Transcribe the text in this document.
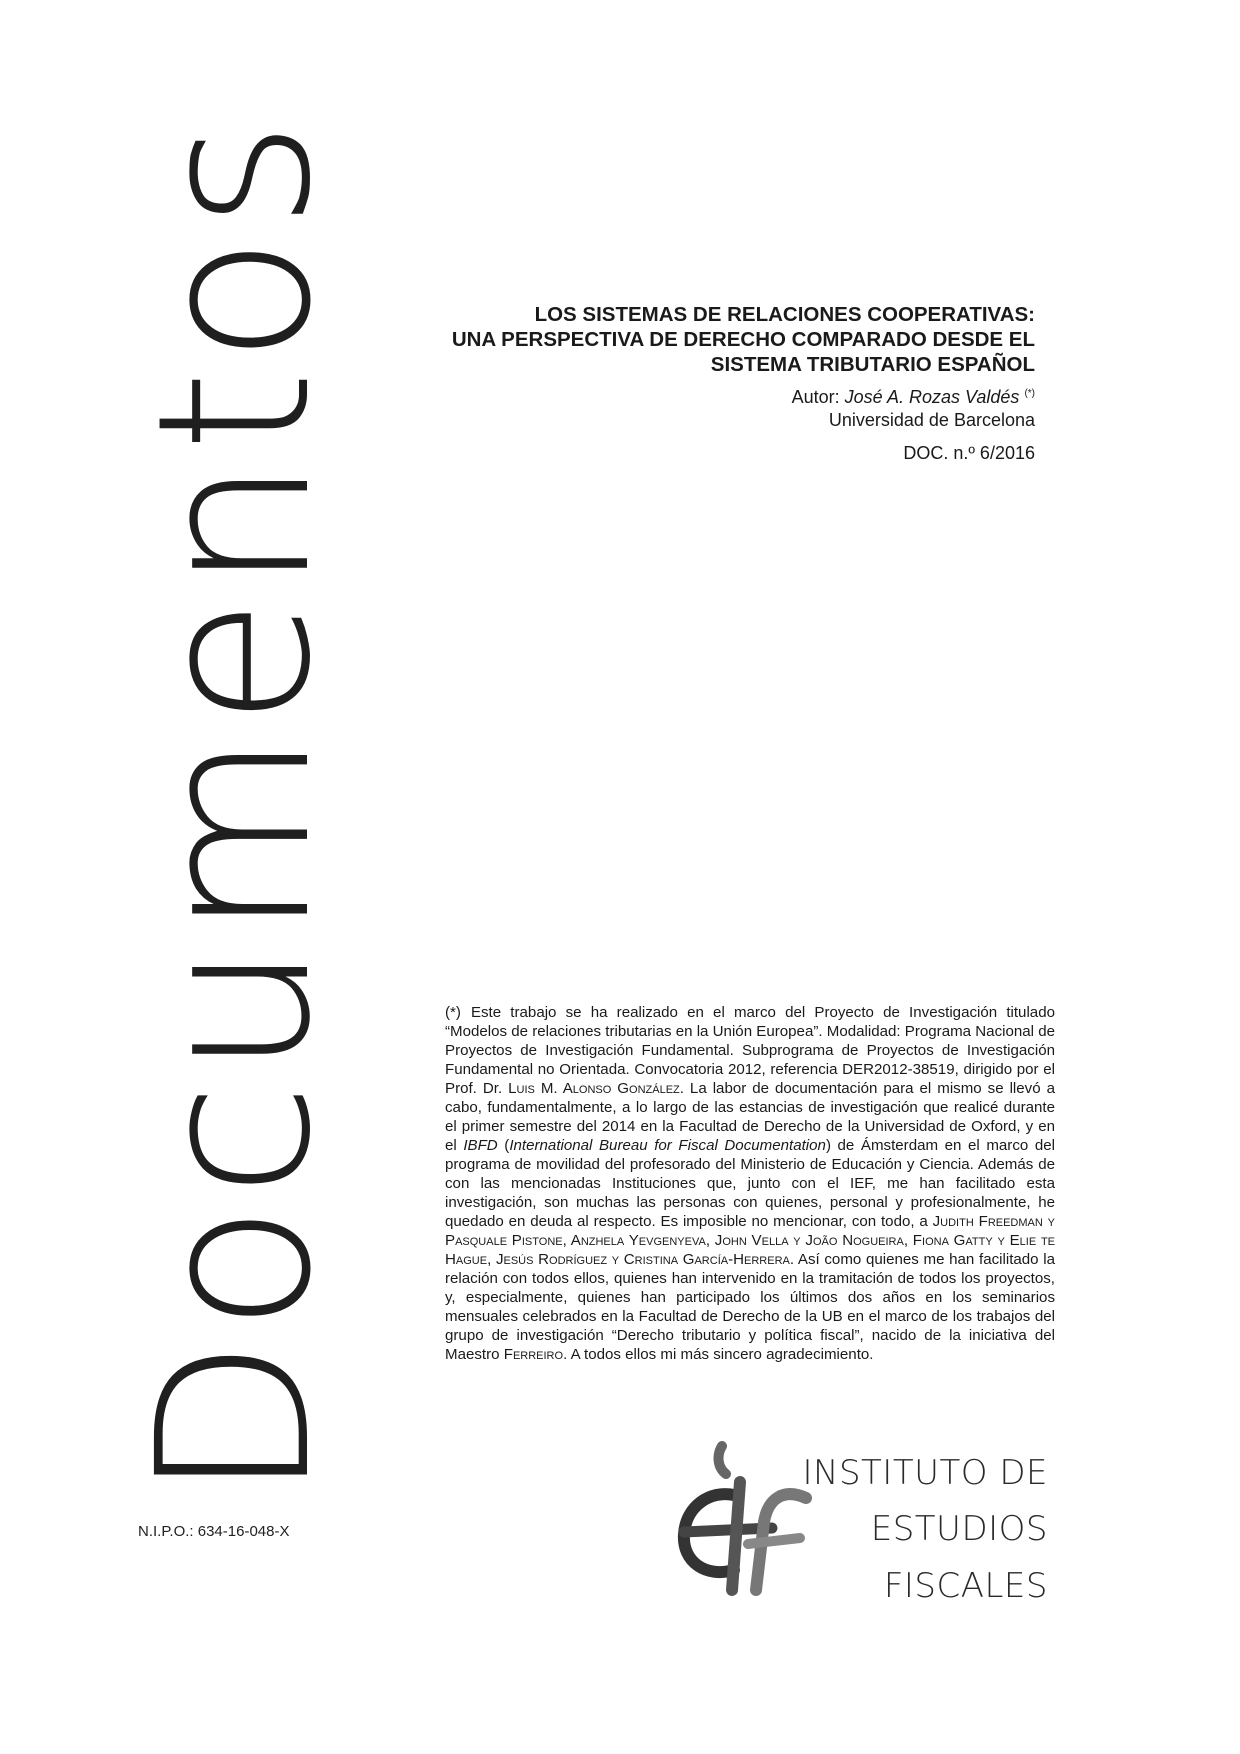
Documentos
N.I.P.O.: 634-16-048-X
LOS SISTEMAS DE RELACIONES COOPERATIVAS:
UNA PERSPECTIVA DE DERECHO COMPARADO DESDE EL
SISTEMA TRIBUTARIO ESPAÑOL
Autor: José A. Rozas Valdés (*)
Universidad de Barcelona
DOC. n.º 6/2016
(*) Este trabajo se ha realizado en el marco del Proyecto de Investigación titulado “Modelos de relaciones tributarias en la Unión Europea”. Modalidad: Programa Nacional de Proyectos de Investigación Fundamental. Subprograma de Proyectos de Investigación Fundamental no Orientada. Convocatoria 2012, referencia DER2012-38519, dirigido por el Prof. Dr. Luis M. Alonso González. La labor de documentación para el mismo se llevó a cabo, fundamentalmente, a lo largo de las estancias de investigación que realicé durante el primer semestre del 2014 en la Facultad de Derecho de la Universidad de Oxford, y en el IBFD (International Bureau for Fiscal Documentation) de Ámsterdam en el marco del programa de movilidad del profesorado del Ministerio de Educación y Ciencia. Además de con las mencionadas Instituciones que, junto con el IEF, me han facilitado esta investigación, son muchas las personas con quienes, personal y profesionalmente, he quedado en deuda al respecto. Es imposible no mencionar, con todo, a Judith Freedman y Pasquale Pistone, Anzhela Yevgenyeva, John Vella y João Nogueira, Fiona Gatty y Elie te Hague, Jesús Rodríguez y Cristina García-Herrera. Así como quienes me han facilitado la relación con todos ellos, quienes han intervenido en la tramitación de todos los proyectos, y, especialmente, quienes han participado los últimos dos años en los seminarios mensuales celebrados en la Facultad de Derecho de la UB en el marco de los trabajos del grupo de investigación “Derecho tributario y política fiscal”, nacido de la iniciativa del Maestro Ferreiro. A todos ellos mi más sincero agradecimiento.
INSTITUTO DE
ESTUDIOS
FISCALES
